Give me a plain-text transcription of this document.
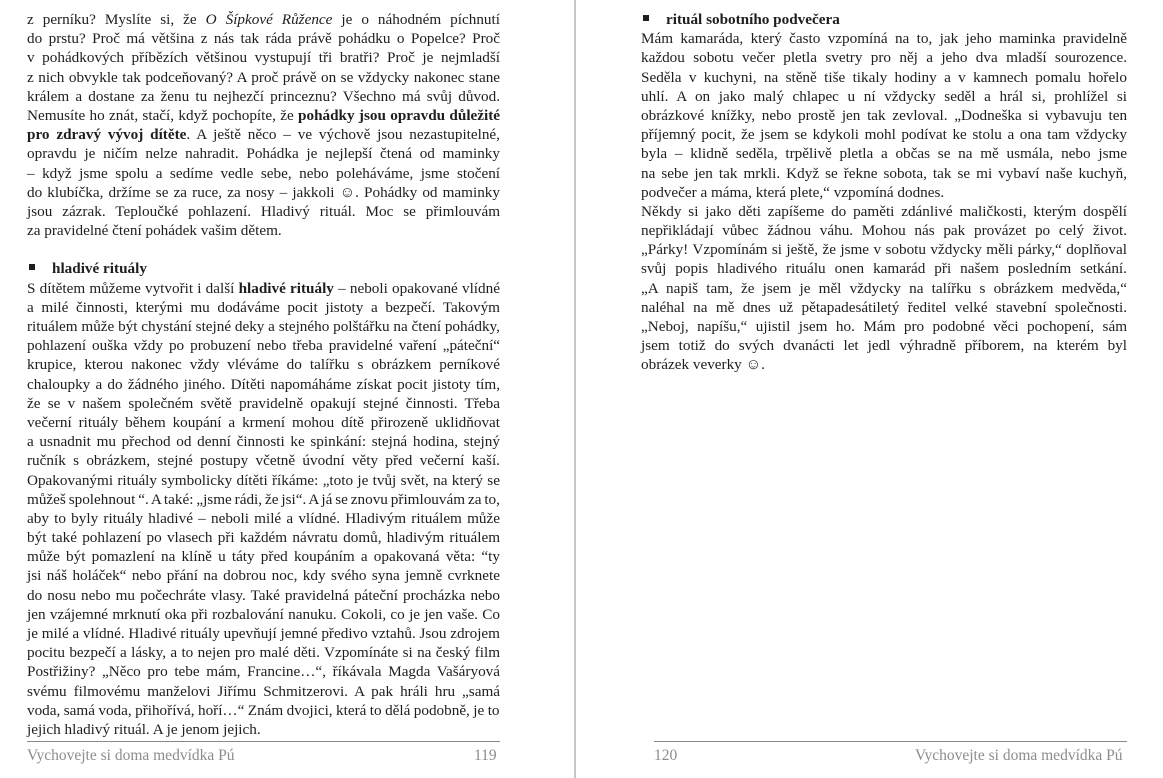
z perníku? Myslíte si, že O Šípkové Růžence je o náhodném píchnutí
do prstu? Proč má většina z nás tak ráda právě pohádku o Popelce? Proč
v pohádkových příbězích většinou vystupují tři bratři? Proč je nejmladší
z nich obvykle tak podceňovaný? A proč právě on se vždycky nakonec stane
králem a dostane za ženu tu nejhezčí princeznu? Všechno má svůj důvod.
Nemusíte ho znát, stačí, když pochopíte, že pohádky jsou opravdu důležité
pro zdravý vývoj dítěte. A ještě něco – ve výchově jsou nezastupitelné,
opravdu je ničím nelze nahradit. Pohádka je nejlepší čtená od maminky
– když jsme spolu a sedíme vedle sebe, nebo poleháváme, jsme stočení
do klubíčka, držíme se za ruce, za nosy – jakkoli ☺. Pohádky od maminky
jsou zázrak. Teploučké pohlazení. Hladivý rituál. Moc se přimlouvám
za pravidelné čtení pohádek vašim dětem.
hladivé rituály
S dítětem můžeme vytvořit i další hladivé rituály – neboli opakované vlídné
a milé činnosti, kterými mu dodáváme pocit jistoty a bezpečí. Takovým
rituálem může být chystání stejné deky a stejného polštářku na čtení pohádky,
pohlazení ouška vždy po probuzení nebo třeba pravidelné vaření „páteční“
krupice, kterou nakonec vždy vléváme do talířku s obrázkem perníkové
chaloupky a do žádného jiného. Dítěti napomáháme získat pocit jistoty tím,
že se v našem společném světě pravidelně opakují stejné činnosti. Třeba
večerní rituály během koupání a krmení mohou dítě přirozeně uklidňovat
a usnadnit mu přechod od denní činnosti ke spinkání: stejná hodina, stejný
ručník s obrázkem, stejné postupy včetně úvodní věty před večerní kaší.
Opakovanými rituály symbolicky dítěti říkáme: „toto je tvůj svět, na který se
můžeš spolehnout “. A také: „jsme rádi, že jsi“. A já se znovu přimlouvám za to,
aby to byly rituály hladivé – neboli milé a vlídné. Hladivým rituálem může
být také pohlazení po vlasech při každém návratu domů, hladivým rituálem
může být pomazlení na klíně u táty před koupáním a opakovaná věta: “ty
jsi náš holáček“ nebo přání na dobrou noc, kdy svého syna jemně cvrknete
do nosu nebo mu počechráte vlasy. Také pravidelná páteční procházka nebo
jen vzájemné mrknutí oka při rozbalování nanuku. Cokoli, co je jen vaše. Co
je milé a vlídné. Hladivé rituály upevňují jemné předivo vztahů. Jsou zdrojem
pocitu bezpečí a lásky, a to nejen pro malé děti. Vzpomínáte si na český film
Postřižiny? „Něco pro tebe mám, Francine…“, říkávala Magda Vašáryová
svému filmovému manželovi Jiřímu Schmitzerovi. A pak hráli hru „samá
voda, samá voda, přihořívá, hoří…“ Znám dvojici, která to dělá podobně, je to
jejich hladivý rituál. A je jenom jejich.
Vychovejte si doma medvídka Pú	119
rituál sobotního podvečera
Mám kamaráda, který často vzpomíná na to, jak jeho maminka pravidelně
každou sobotu večer pletla svetry pro něj a jeho dva mladší sourozence.
Seděla v kuchyni, na stěně tiše tikaly hodiny a v kamnech pomalu hořelo
uhlí. A on jako malý chlapec u ní vždycky seděl a hrál si, prohlížel si
obrázkové knížky, nebo prostě jen tak zevloval. „Dodneška si vybavuju ten
příjemný pocit, že jsem se kdykoli mohl podívat ke stolu a ona tam vždycky
byla – klidně seděla, trpělivě pletla a občas se na mě usmála, nebo jsme
na sebe jen tak mrkli. Když se řekne sobota, tak se mi vybaví naše kuchyň,
podvečer a máma, která plete,“ vzpomíná dodnes.
Někdy si jako děti zapíšeme do paměti zdánlivé maličkosti, kterým dospělí
nepřikládají vůbec žádnou váhu. Mohou nás pak provázet po celý život.
„Párky! Vzpomínám si ještě, že jsme v sobotu vždycky měli párky,“ doplňoval
svůj popis hladivého rituálu onen kamarád při našem posledním setkání.
„A napiš tam, že jsem je měl vždycky na talířku s obrázkem medvěda,“
naléhal na mě dnes už pětapadesátiletý ředitel velké stavební společnosti.
„Neboj, napíšu,“ ujistil jsem ho. Mám pro podobné věci pochopení, sám
jsem totiž do svých dvanácti let jedl výhradně příborem, na kterém byl
obrázek veverky ☺.
120	Vychovejte si doma medvídka Pú
